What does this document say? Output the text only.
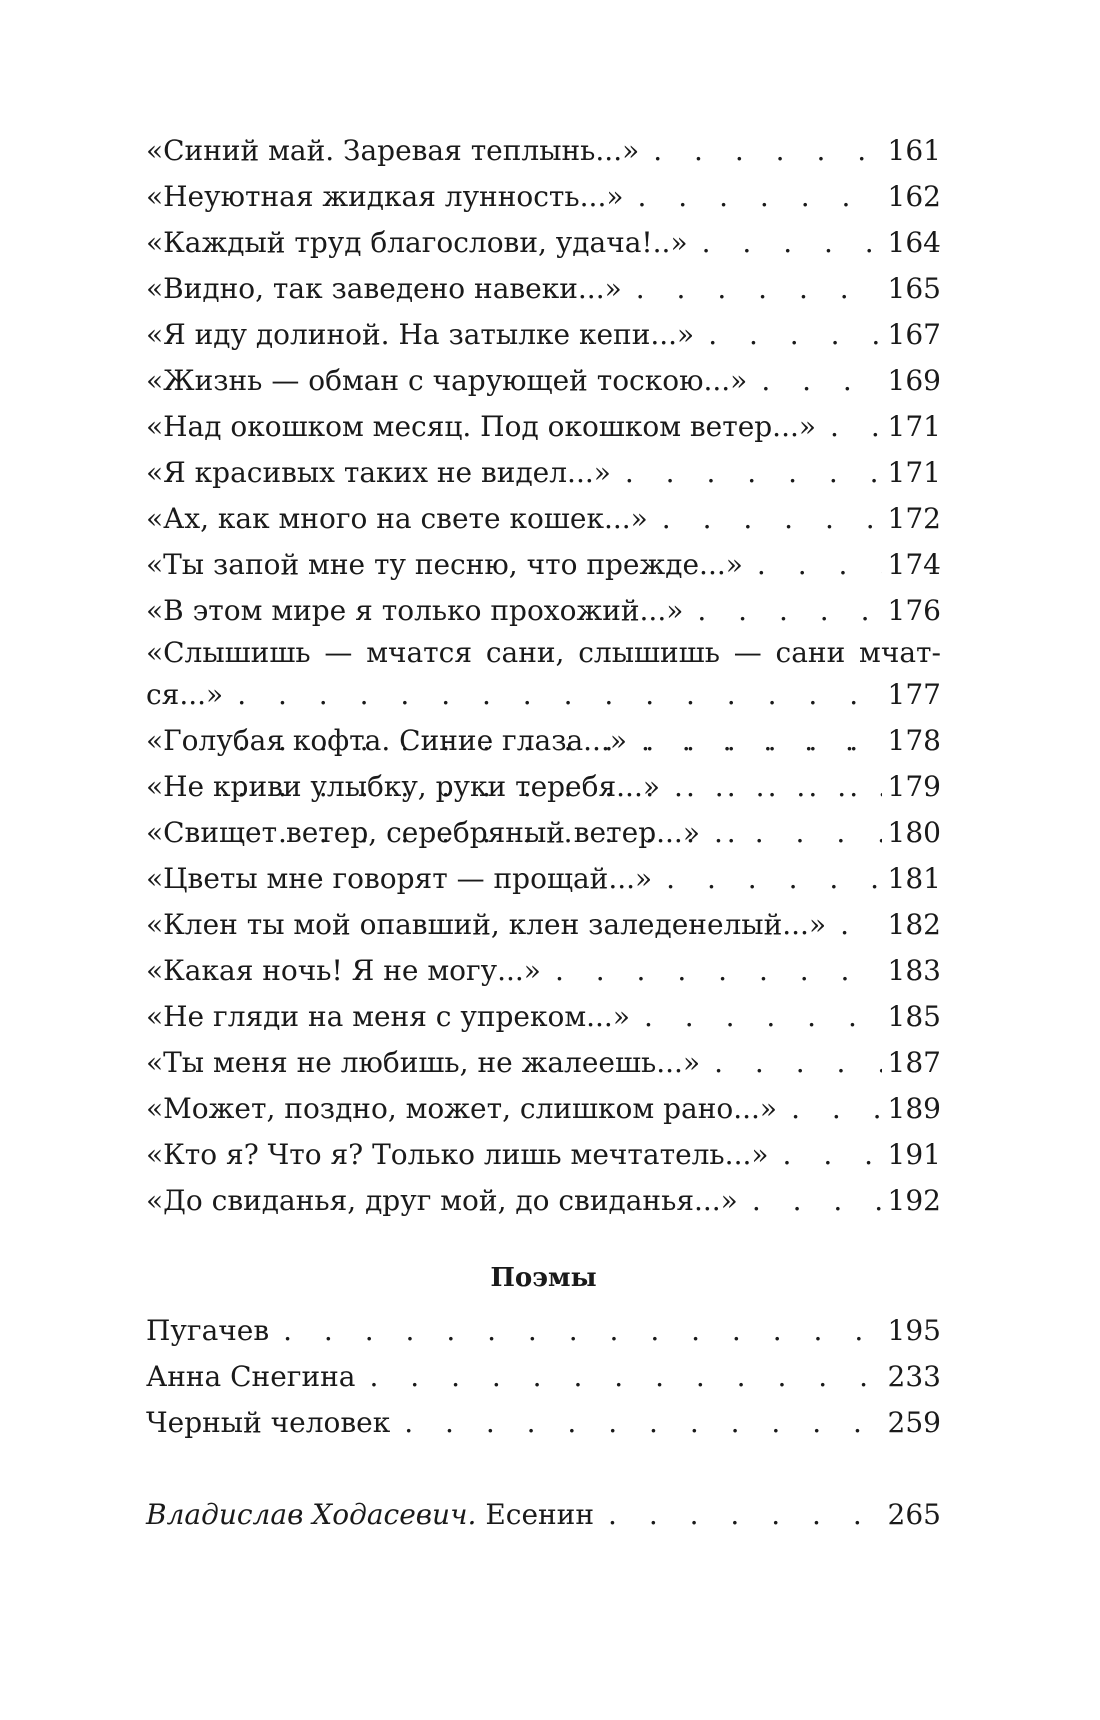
«Синий май. Заревая теплынь...» . . .	161
«Неуютная жидкая лунность...» . . .	162
«Каждый труд благослови, удача!..» . . .	164
«Видно, так заведено навеки...» . . .	165
«Я иду долиной. На затылке кепи...» . . .	167
«Жизнь — обман с чарующей тоскою...» . . .	169
«Над окошком месяц. Под окошком ветер...» . . .	171
«Я красивых таких не видел...» . . .	171
«Ах, как много на свете кошек...» . . .	172
«Ты запой мне ту песню, что прежде...» . . .	174
«В этом мире я только прохожий...» . . .	176
«Слышишь — мчатся сани, слышишь — сани мчат-
ся...» . . .	177
«Голубая кофта. Синие глаза...» . . .	178
«Не криви улыбку, руки теребя...» . . .	179
«Свищет ветер, серебряный ветер...» . . .	180
«Цветы мне говорят — прощай...» . . .	181
«Клен ты мой опавший, клен заледенелый...» . . . 182
«Какая ночь! Я не могу...» . . .	183
«Не гляди на меня с упреком...» . . .	185
«Ты меня не любишь, не жалеешь...» . . .	187
«Может, поздно, может, слишком рано...» . . .	189
«Кто я? Что я? Только лишь мечтатель...» . . .	191
«До свиданья, друг мой, до свиданья...» . . .	192
Поэмы
Пугачев . . .	195
Анна Снегина . . .	233
Черный человек . . .	259
Владислав Ходасевич. Есенин . . .	265
